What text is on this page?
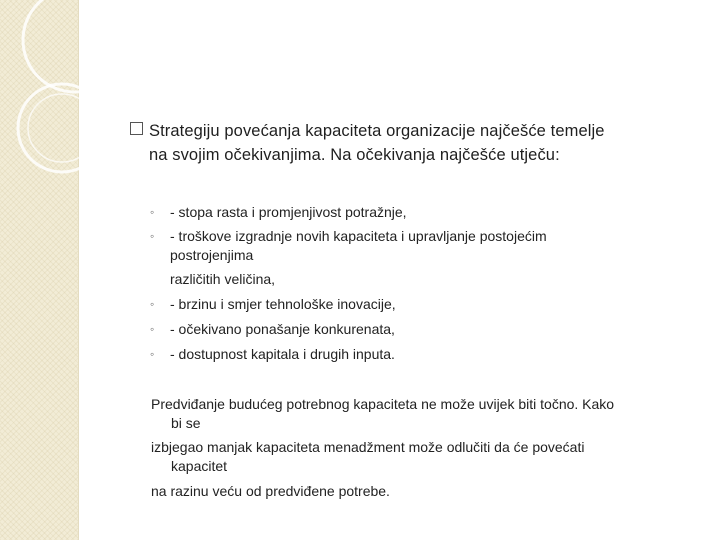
Strategiju povećanja kapaciteta organizacije najčešće temelje
na svojim očekivanjima. Na očekivanja najčešće utječu:
◦
◦
◦
◦
◦
- stopa rasta i promjenjivost potražnje,
- troškove izgradnje novih kapaciteta i upravljanje postojećim
postrojenjima
različitih veličina,
- brzinu i smjer tehnološke inovacije,
- očekivano ponašanje konkurenata,
- dostupnost kapitala i drugih inputa.
Predviđanje budućeg potrebnog kapaciteta ne može uvijek biti točno. Kako
bi se
izbjegao manjak kapaciteta menadžment može odlučiti da će povećati
kapacitet
na razinu veću od predviđene potrebe.
